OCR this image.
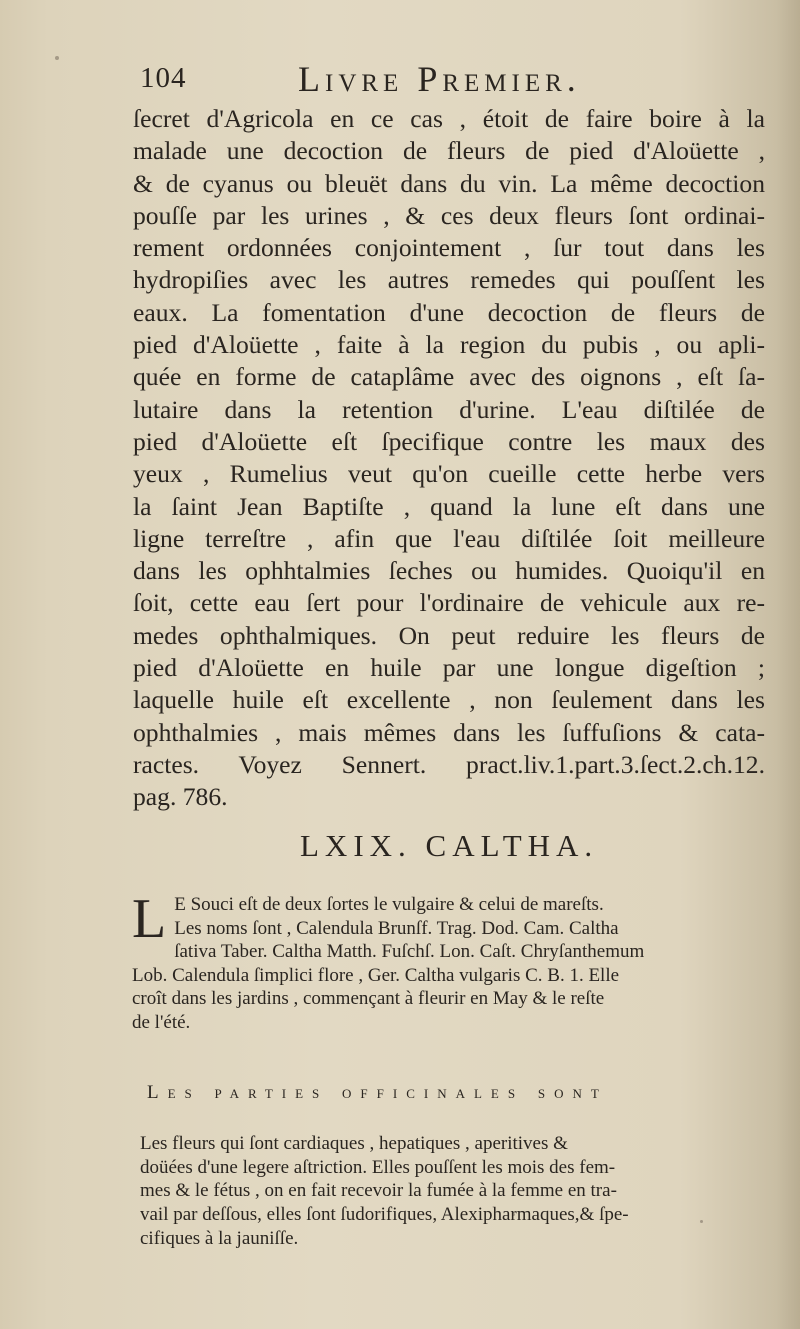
104	Livre Premier.
ſecret d'Agricola en ce cas , étoit de faire boire à la
malade une decoction de fleurs de pied d'Aloüette ,
& de cyanus ou bleuët dans du vin. La même decoction
pouſſe par les urines , & ces deux fleurs ſont ordinai-
rement ordonnées conjointement , ſur tout dans les
hydropiſies avec les autres remedes qui pouſſent les
eaux. La fomentation d'une decoction de fleurs de
pied d'Aloüette , faite à la region du pubis , ou apli-
quée en forme de cataplâme avec des oignons , eſt ſa-
lutaire dans la retention d'urine. L'eau diſtilée de
pied d'Aloüette eſt ſpecifique contre les maux des
yeux , Rumelius veut qu'on cueille cette herbe vers
la ſaint Jean Baptiſte , quand la lune eſt dans une
ligne terreſtre , afin que l'eau diſtilée ſoit meilleure
dans les ophhtalmies ſeches ou humides. Quoiqu'il en
ſoit, cette eau ſert pour l'ordinaire de vehicule aux re-
medes ophthalmiques. On peut reduire les fleurs de
pied d'Aloüette en huile par une longue digeſtion ;
laquelle huile eſt excellente , non ſeulement dans les
ophthalmies , mais mêmes dans les ſuffuſions & cata-
ractes. Voyez Sennert. pract.liv.1.part.3.ſect.2.ch.12.
pag. 786.
LXIX. CALTHA.
L E Souci eſt de deux ſortes le vulgaire & celui de mareſts.
Les noms ſont , Calendula Brunſf. Trag. Dod. Cam. Caltha
ſativa Taber. Caltha Matth. Fuſchſ. Lon. Caſt. Chryſanthemum
Lob. Calendula ſimplici flore , Ger. Caltha vulgaris C. B. 1. Elle
croît dans les jardins , commençant à fleurir en May & le reſte
de l'été.
Les parties officinales sont
Les fleurs qui ſont cardiaques , hepatiques , aperitives &
doüées d'une legere aſtriction. Elles pouſſent les mois des fem-
mes & le fétus , on en fait recevoir la fumée à la femme en tra-
vail par deſſous, elles ſont ſudorifiques, Alexipharmaques,& ſpe-
cifiques à la jauniſſe.
